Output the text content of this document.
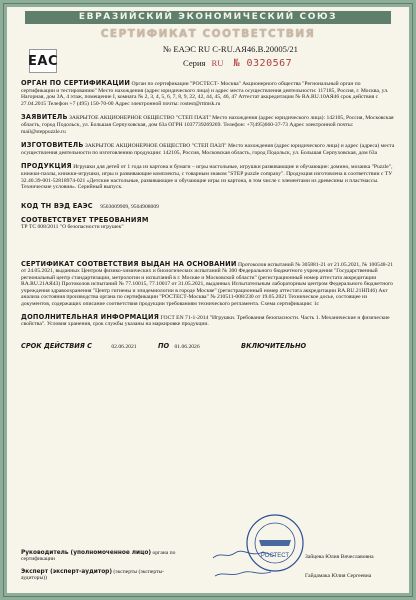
ЕВРАЗИЙСКИЙ ЭКОНОМИЧЕСКИЙ СОЮЗ
СЕРТИФИКАТ СООТВЕТСТВИЯ
EAC
№ ЕАЭС RU С-RU.АЯ46.В.20005/21
Серия RU № 0320567
ОРГАН ПО СЕРТИФИКАЦИИ Орган по сертификации "РОСТЕСТ- Москва" Акционерного общества "Региональный орган по сертификации и тестированию" Место нахождения (адрес юридического лица) и адрес места осуществления деятельности: 117185, Россия, г. Москва, ул. Нагорная, дом 3А, 4 этаж, помещение I, комната № 2, 3, 4, 5, 6, 7, 8, 9, 22, 42, 44, 45, 46, 47 Аттестат аккредитации № RA.RU.10АЯ46 срок действия с 27.04.2015 Телефон +7 (495) 150-70-00 Адрес электронной почты: rostest@rttmsk.ru
ЗАЯВИТЕЛЬ ЗАКРЫТОЕ АКЦИОНЕРНОЕ ОБЩЕСТВО "СТЕП ПАЗЛ" Место нахождения (адрес юридического лица): 142105, Россия, Московская область, город Подольск, ул. Большая Серпуховская, дом 63а ОГРН 1037739269269. Телефон: +7(495)660-37-73 Адрес электронной почты: mail@steppuzzle.ru
ИЗГОТОВИТЕЛЬ ЗАКРЫТОЕ АКЦИОНЕРНОЕ ОБЩЕСТВО "СТЕП ПАЗЛ" Место нахождения (адрес юридического лица) и адрес (адреса) места осуществления деятельности по изготовлению продукции: 142105, Россия, Московская область, город Подольск, ул. Большая Серпуховская, дом 63а
ПРОДУКЦИЯ Игрушки для детей от 1 года из картона и бумаги – игры настольные, игрушки развивающие и обучающие: домино, мозаика "Puzzle", книжки-пазлы, книжки-игрушки, игры и развивающие комплекты, с товарным знаком "STEP puzzle company". Продукция изготовлена в соответствии с ТУ 32.40.39-001-52818974-021 «Детские настольные, развивающие и обучающие игры из картона, в том числе с элементами из древесины и пластмассы. Технические условия». Серийный выпуск.
КОД ТН ВЭД ЕАЭС 9503009909, 9504908009
СООТВЕТСТВУЕТ ТРЕБОВАНИЯМ
ТР ТС 008/2011 "О безопасности игрушек"
СЕРТИФИКАТ СООТВЕТСТВИЯ ВЫДАН НА ОСНОВАНИИ Протоколов испытаний № 305881-21 от 21.05.2021, № 100548-21 от 24.05.2021, выданных Центром физико-химических и биологических испытаний № 300 Федерального бюджетного учреждения "Государственный региональный центр стандартизации, метрологии и испытаний в г. Москве и Московской области" (регистрационный номер аттестата аккредитации RA.RU.21АЯ43) Протоколов испытаний № 77.10015, 77.10017 от 31.05.2021, выданных Испытательным лабораторным центром Федерального бюджетного учреждения здравоохранения "Центр гигиены и эпидемиологии в городе Москве" (регистрационный номер аттестата аккредитации RA.RU.21НП46) Акт анализа состояния производства органа по сертификации "РОСТЕСТ-Москва" № 210511-008/230 от 19.05.2021 Техническое досье, состоящее из документов, содержащих описание соответствия продукции требованиям технического регламента. Схема сертификации: 1с
ДОПОЛНИТЕЛЬНАЯ ИНФОРМАЦИЯ ГОСТ EN 71-1-2014 "Игрушки. Требования безопасности. Часть 1. Механические и физические свойства". Условия хранения, срок службы указаны на маркировке продукции.
СРОК ДЕЙСТВИЯ С	02.06.2021	ПО 01.06.2026	ВКЛЮЧИТЕЛЬНО
РОСТЕСТ
Руководитель (уполномоченное лицо) органа по сертификации	Зайцева Юлия Вячеславовна
Эксперт (эксперт-аудитор) (эксперты (эксперты-аудиторы))	Гайдамака Юлия Сергеевна
